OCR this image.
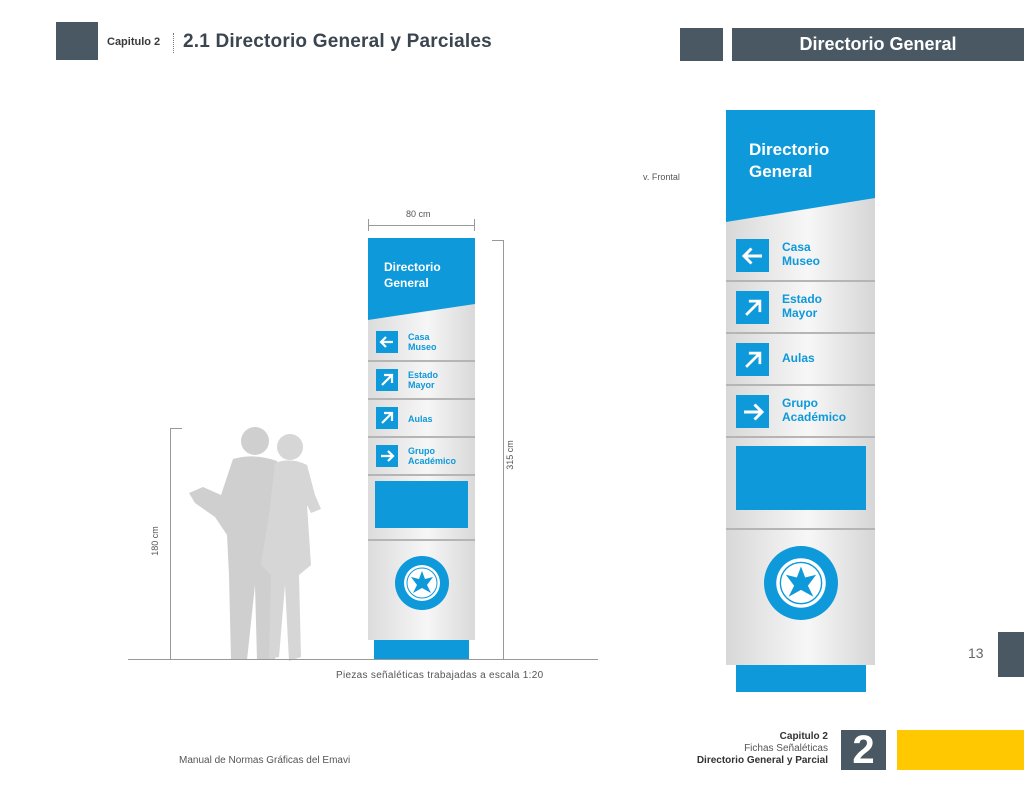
Capitulo 2 2.1 Directorio General y Parciales	Directorio General
180 cm
80 cm
315 cm
Directorio
General
Casa
Museo
Estado
Mayor
Aulas
Grupo
Académico
Piezas señaléticas trabajadas a escala 1:20
v. Frontal
Directorio
General
Casa
Museo
Estado
Mayor
Aulas
Grupo
Académico
13
Manual de Normas Gráficas del Emavi
Capitulo 2
Fichas Señaléticas
Directorio General y Parcial 2
